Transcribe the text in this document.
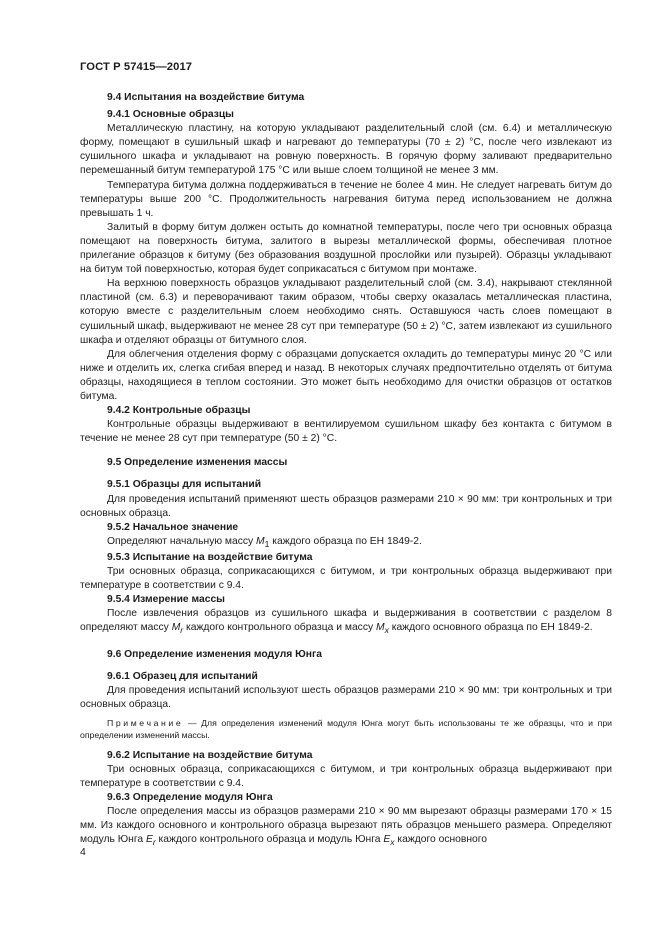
ГОСТ Р 57415—2017
9.4 Испытания на воздействие битума
9.4.1 Основные образцы

Металлическую пластину, на которую укладывают разделительный слой (см. 6.4) и металлическую форму, помещают в сушильный шкаф и нагревают до температуры (70 ± 2) °С, после чего извлекают из сушильного шкафа и укладывают на ровную поверхность. В горячую форму заливают предварительно перемешанный битум температурой 175 °С или выше слоем толщиной не менее 3 мм.

Температура битума должна поддерживаться в течение не более 4 мин. Не следует нагревать битум до температуры выше 200 °С. Продолжительность нагревания битума перед использованием не должна превышать 1 ч.

Залитый в форму битум должен остыть до комнатной температуры, после чего три основных образца помещают на поверхность битума, залитого в вырезы металлической формы, обеспечивая плотное прилегание образцов к битуму (без образования воздушной прослойки или пузырей). Образцы укладывают на битум той поверхностью, которая будет соприкасаться с битумом при монтаже.

На верхнюю поверхность образцов укладывают разделительный слой (см. 3.4), накрывают стеклянной пластиной (см. 6.3) и переворачивают таким образом, чтобы сверху оказалась металлическая пластина, которую вместе с разделительным слоем необходимо снять. Оставшуюся часть слоев помещают в сушильный шкаф, выдерживают не менее 28 сут при температуре (50 ± 2) °С, затем извлекают из сушильного шкафа и отделяют образцы от битумного слоя.

Для облегчения отделения форму с образцами допускается охладить до температуры минус 20 °С или ниже и отделить их, слегка сгибая вперед и назад. В некоторых случаях предпочтительно отделять от битума образцы, находящиеся в теплом состоянии. Это может быть необходимо для очистки образцов от остатков битума.

9.4.2 Контрольные образцы

Контрольные образцы выдерживают в вентилируемом сушильном шкафу без контакта с битумом в течение не менее 28 сут при температуре (50 ± 2) °С.

9.5 Определение изменения массы
9.5.1 Образцы для испытаний

Для проведения испытаний применяют шесть образцов размерами 210 × 90 мм: три контрольных и три основных образца.

9.5.2 Начальное значение

Определяют начальную массу $M_1$ каждого образца по ЕН 1849-2.

9.5.3 Испытание на воздействие битума

Три основных образца, соприкасающихся с битумом, и три контрольных образца выдерживают при температуре в соответствии с 9.4.

9.5.4 Измерение массы

После извлечения образцов из сушильного шкафа и выдерживания в соответствии с разделом 8 определяют массу $M_r$ каждого контрольного образца и массу $M_x$ каждого основного образца по ЕН 1849-2.

9.6 Определение изменения модуля Юнга
9.6.1 Образец для испытаний

Для проведения испытаний используют шесть образцов размерами 210 × 90 мм: три контрольных и три основных образца.

Примечание — Для определения изменений модуля Юнга могут быть использованы те же образцы, что и при определении изменений массы.

9.6.2 Испытание на воздействие битума

Три основных образца, соприкасающихся с битумом, и три контрольных образца выдерживают при температуре в соответствии с 9.4.

9.6.3 Определение модуля Юнга

После определения массы из образцов размерами 210 × 90 мм вырезают образцы размерами 170 × 15 мм. Из каждого основного и контрольного образца вырезают пять образцов меньшего размера. Определяют модуль Юнга $E_r$ каждого контрольного образца и модуль Юнга $E_x$ каждого основного

4
